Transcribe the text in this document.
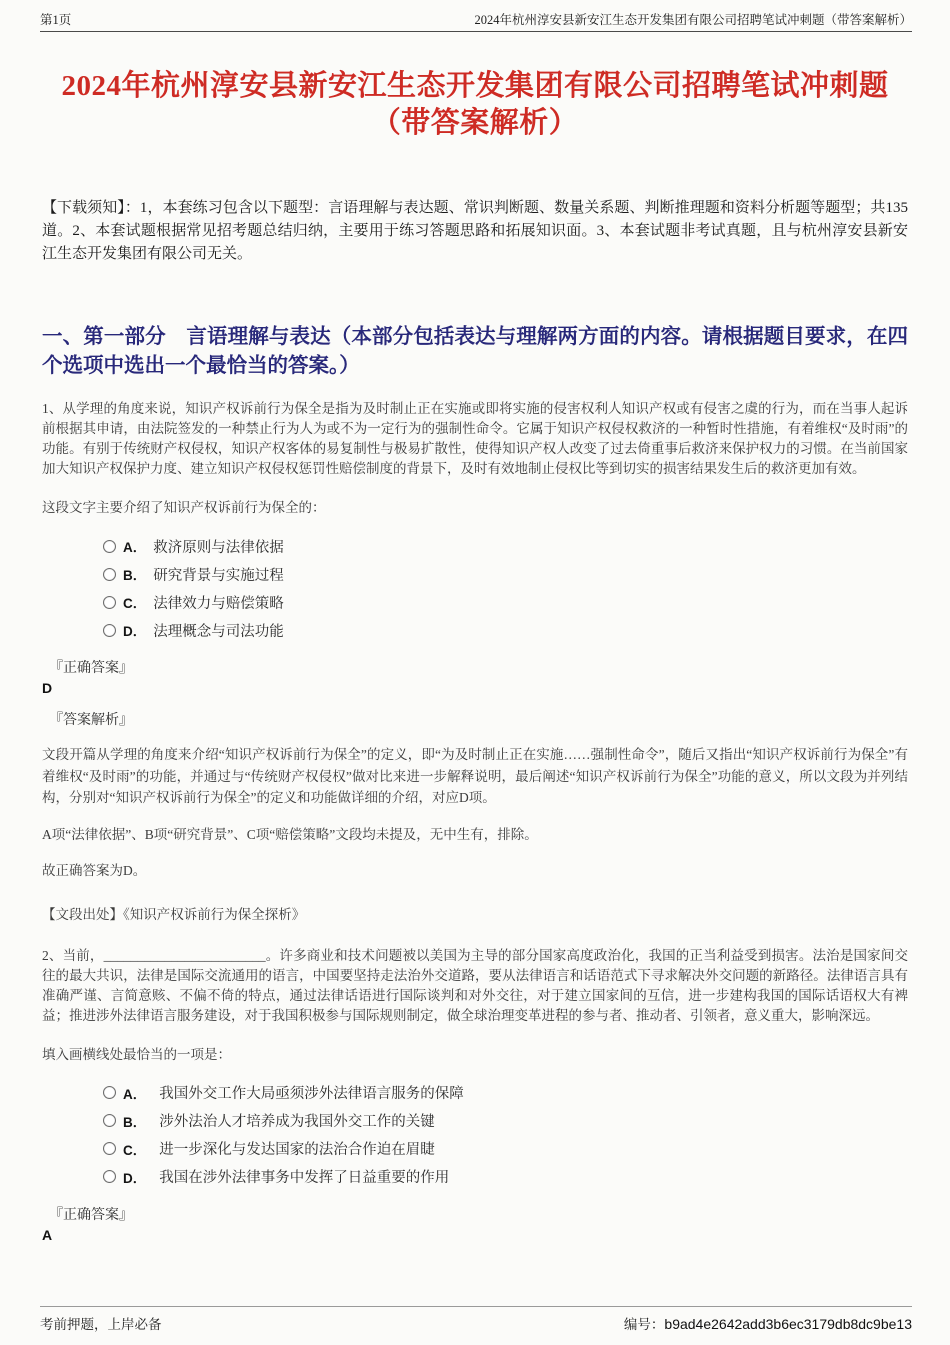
第1页	2024年杭州淳安县新安江生态开发集团有限公司招聘笔试冲刺题（带答案解析）
2024年杭州淳安县新安江生态开发集团有限公司招聘笔试冲刺题（带答案解析）

【下载须知】：1，本套练习包含以下题型：言语理解与表达题、常识判断题、数量关系题、判断推理题和资料分析题等题型；共135道。2、本套试题根据常见招考题总结归纳，主要用于练习答题思路和拓展知识面。3、本套试题非考试真题，且与杭州淳安县新安江生态开发集团有限公司无关。

一、第一部分　言语理解与表达（本部分包括表达与理解两方面的内容。请根据题目要求，在四个选项中选出一个最恰当的答案。）

1、从学理的角度来说，知识产权诉前行为保全是指为及时制止正在实施或即将实施的侵害权利人知识产权或有侵害之虞的行为，而在当事人起诉前根据其申请，由法院签发的一种禁止行为人为或不为一定行为的强制性命令。它属于知识产权侵权救济的一种暂时性措施，有着维权“及时雨”的功能。有别于传统财产权侵权，知识产权客体的易复制性与极易扩散性，使得知识产权人改变了过去倚重事后救济来保护权力的习惯。在当前国家加大知识产权保护力度、建立知识产权侵权惩罚性赔偿制度的背景下，及时有效地制止侵权比等到切实的损害结果发生后的救济更加有效。

这段文字主要介绍了知识产权诉前行为保全的：

A． 救济原则与法律依据
B． 研究背景与实施过程
C． 法律效力与赔偿策略
D． 法理概念与司法功能

『正确答案』

D

『答案解析』

文段开篇从学理的角度来介绍“知识产权诉前行为保全”的定义，即“为及时制止正在实施……强制性命令”，随后又指出“知识产权诉前行为保全”有着维权“及时雨”的功能，并通过与“传统财产权侵权”做对比来进一步解释说明，最后阐述“知识产权诉前行为保全”功能的意义，所以文段为并列结构，分别对“知识产权诉前行为保全”的定义和功能做详细的介绍，对应D项。

A项“法律依据”、B项“研究背景”、C项“赔偿策略”文段均未提及，无中生有，排除。

故正确答案为D。

【文段出处】《知识产权诉前行为保全探析》

2、当前，________________________。许多商业和技术问题被以美国为主导的部分国家高度政治化，我国的正当利益受到损害。法治是国家间交往的最大共识，法律是国际交流通用的语言，中国要坚持走法治外交道路，要从法律语言和话语范式下寻求解决外交问题的新路径。法律语言具有准确严谨、言简意赅、不偏不倚的特点，通过法律话语进行国际谈判和对外交往，对于建立国家间的互信，进一步建构我国的国际话语权大有裨益；推进涉外法律语言服务建设，对于我国积极参与国际规则制定，做全球治理变革进程的参与者、推动者、引领者，意义重大，影响深远。

填入画横线处最恰当的一项是：

A． 我国外交工作大局亟须涉外法律语言服务的保障
B． 涉外法治人才培养成为我国外交工作的关键
C． 进一步深化与发达国家的法治合作迫在眉睫
D． 我国在涉外法律事务中发挥了日益重要的作用

『正确答案』

A

考前押题，上岸必备	编号： b9ad4e2642add3b6ec3179db8dc9be13
